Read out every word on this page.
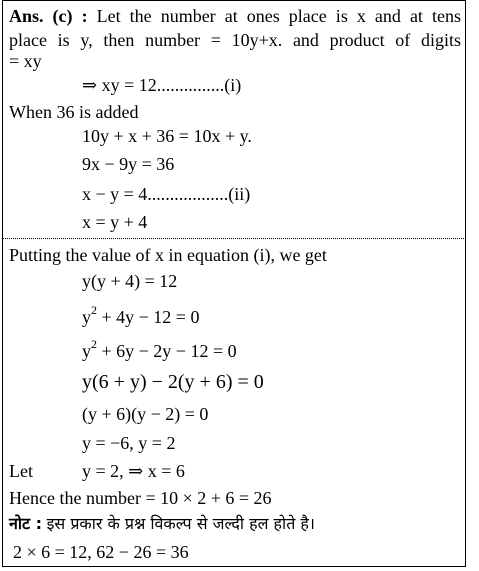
Ans. (c) : Let the number at ones place is x and at tens
place is y, then number = 10y+x. and product of digits
= xy
⇒ xy = 12...............(i)
When 36 is added
10y + x + 36 = 10x + y.
9x − 9y = 36
x − y = 4..................(ii)
x = y + 4
Putting the value of x in equation (i), we get
y(y + 4) = 12
$y^2 + 4y - 12 = 0$
$y^2 + 6y - 2y - 12 = 0$
y(6 + y) − 2(y + 6) = 0
(y + 6)(y − 2) = 0
y = −6, y = 2
Let	y = 2, ⇒ x = 6
Hence the number = 10 × 2 + 6 = 26
नोट : इस प्रकार के प्रश्न विकल्प से जल्दी हल होते है।
2 × 6 = 12, 62 − 26 = 36
